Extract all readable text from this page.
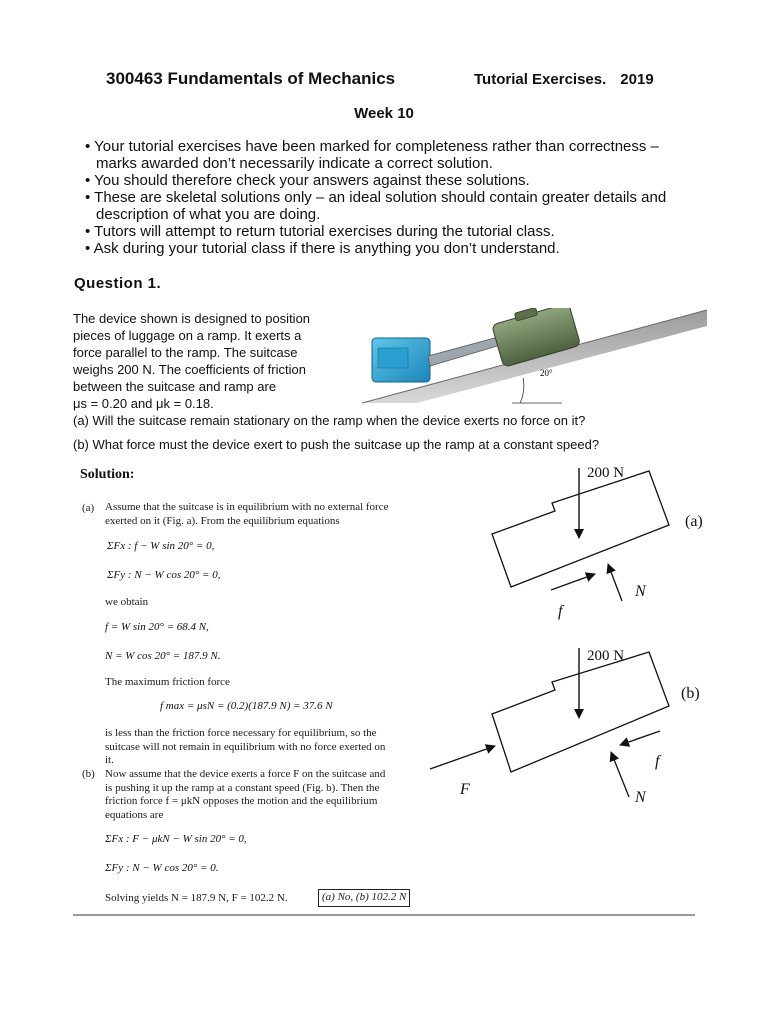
300463 Fundamentals of Mechanics	Tutorial Exercises. 2019
Week 10

• Your tutorial exercises have been marked for completeness rather than correctness – marks awarded don’t necessarily indicate a correct solution.

• You should therefore check your answers against these solutions.

• These are skeletal solutions only – an ideal solution should contain greater details and description of what you are doing.

• Tutors will attempt to return tutorial exercises during the tutorial class.

• Ask during your tutorial class if there is anything you don’t understand.

Question 1.
The device shown is designed to position
pieces of luggage on a ramp. It exerts a
force parallel to the ramp. The suitcase
weighs 200 N. The coefficients of friction
between the suitcase and ramp are
μs = 0.20 and μk = 0.18.
20°
(a) Will the suitcase remain stationary on the ramp when the device exerts no force on it?
(b) What force must the device exert to push the suitcase up the ramp at a constant speed?
Solution:
(a) Assume that the suitcase is in equilibrium with no external force
exerted on it (Fig. a). From the equilibrium equations
ΣFx : f − W sin 20° = 0,
ΣFy : N − W cos 20° = 0,
we obtain
f = W sin 20° = 68.4 N,
N = W cos 20° = 187.9 N.
The maximum friction force
f max = μsN = (0.2)(187.9 N) = 37.6 N
is less than the friction force necessary for equilibrium, so the
suitcase will not remain in equilibrium with no force exerted on
it.
(b) Now assume that the device exerts a force F on the suitcase and
is pushing it up the ramp at a constant speed (Fig. b). Then the
friction force f = μkN opposes the motion and the equilibrium
equations are
ΣFx : F − μkN − W sin 20° = 0,
ΣFy : N − W cos 20° = 0.
Solving yields N = 187.9 N, F = 102.2 N.	(a) No, (b) 102.2 N
200 N
(a)
N
f
200 N
(b)
F
f
N
